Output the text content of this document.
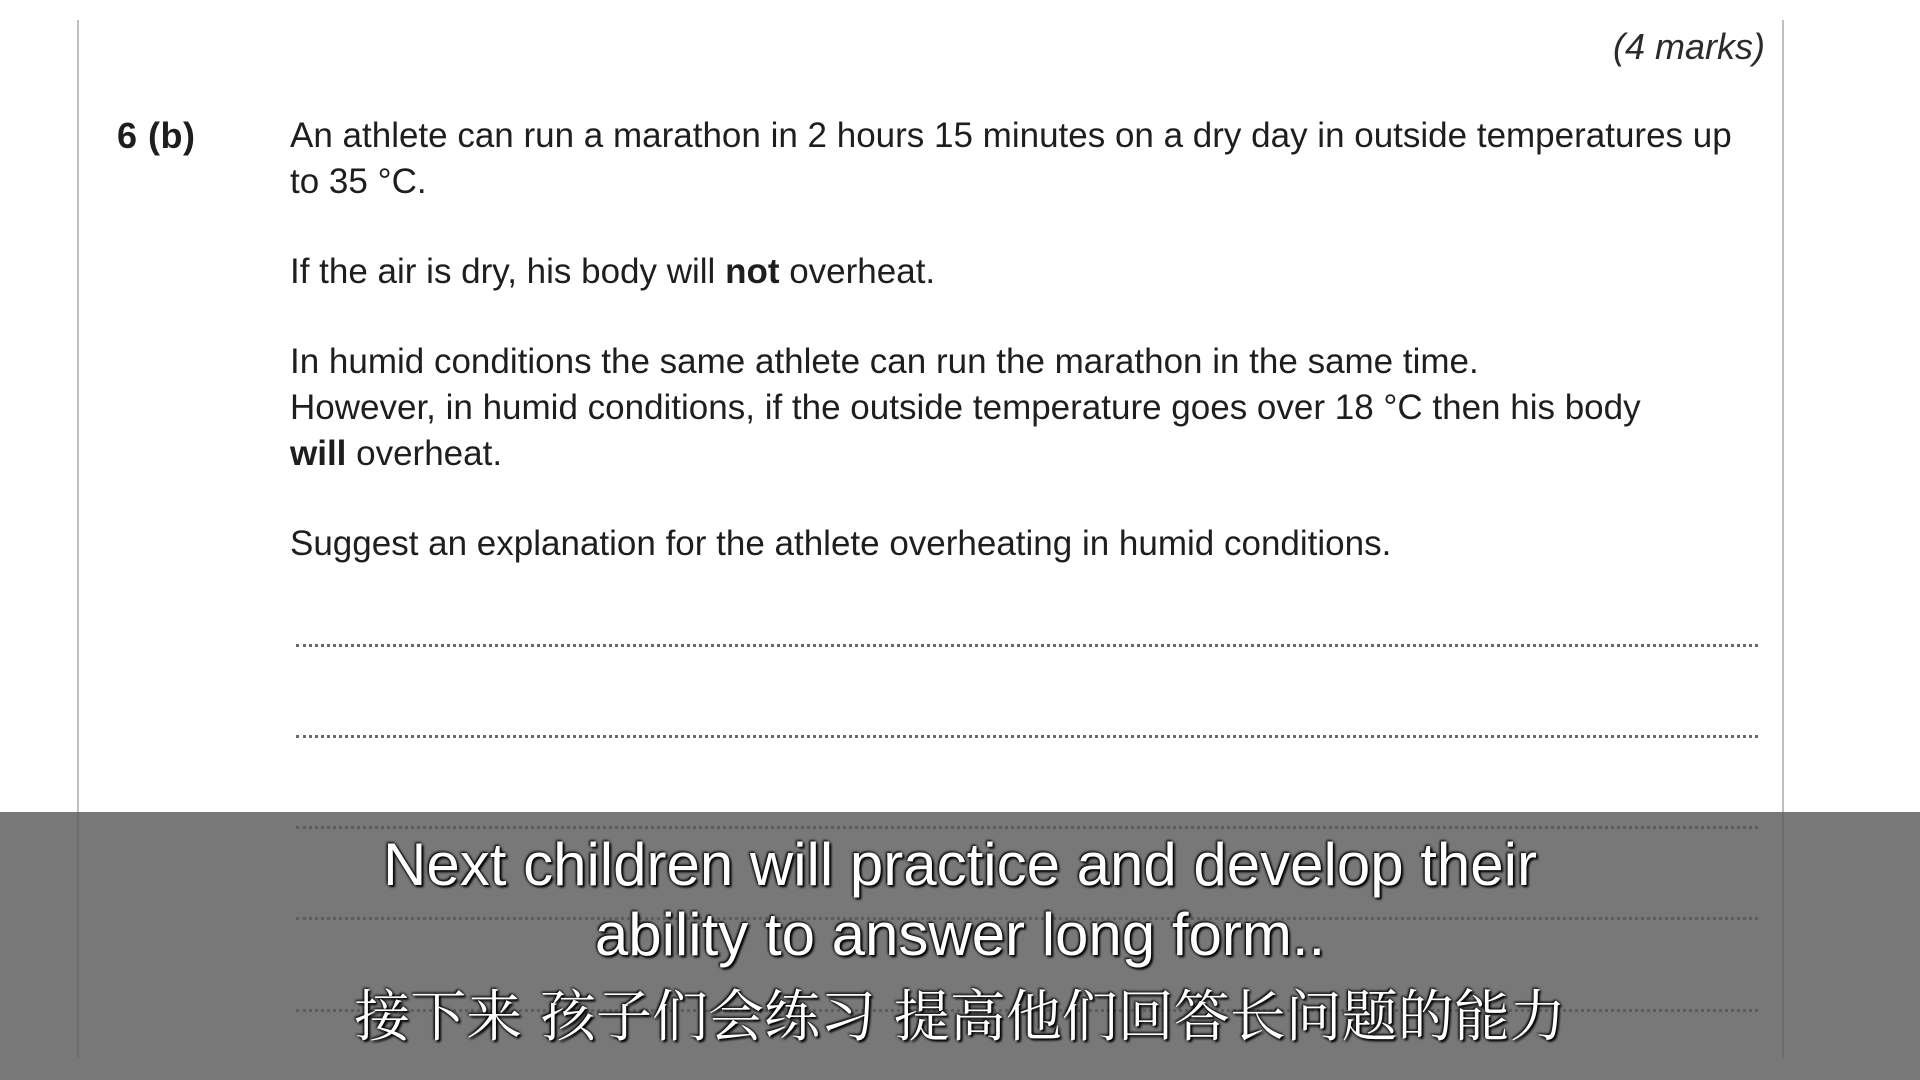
(4 marks)
6 (b)	An athlete can run a marathon in 2 hours 15 minutes on a dry day in outside temperatures up to 35 °C.

If the air is dry, his body will not overheat.

In humid conditions the same athlete can run the marathon in the same time.
However, in humid conditions, if the outside temperature goes over 18 °C then his body
will overheat.

Suggest an explanation for the athlete overheating in humid conditions.

Next children will practice and develop their
ability to answer long form..
接下来 孩子们会练习 提高他们回答长问题的能力
